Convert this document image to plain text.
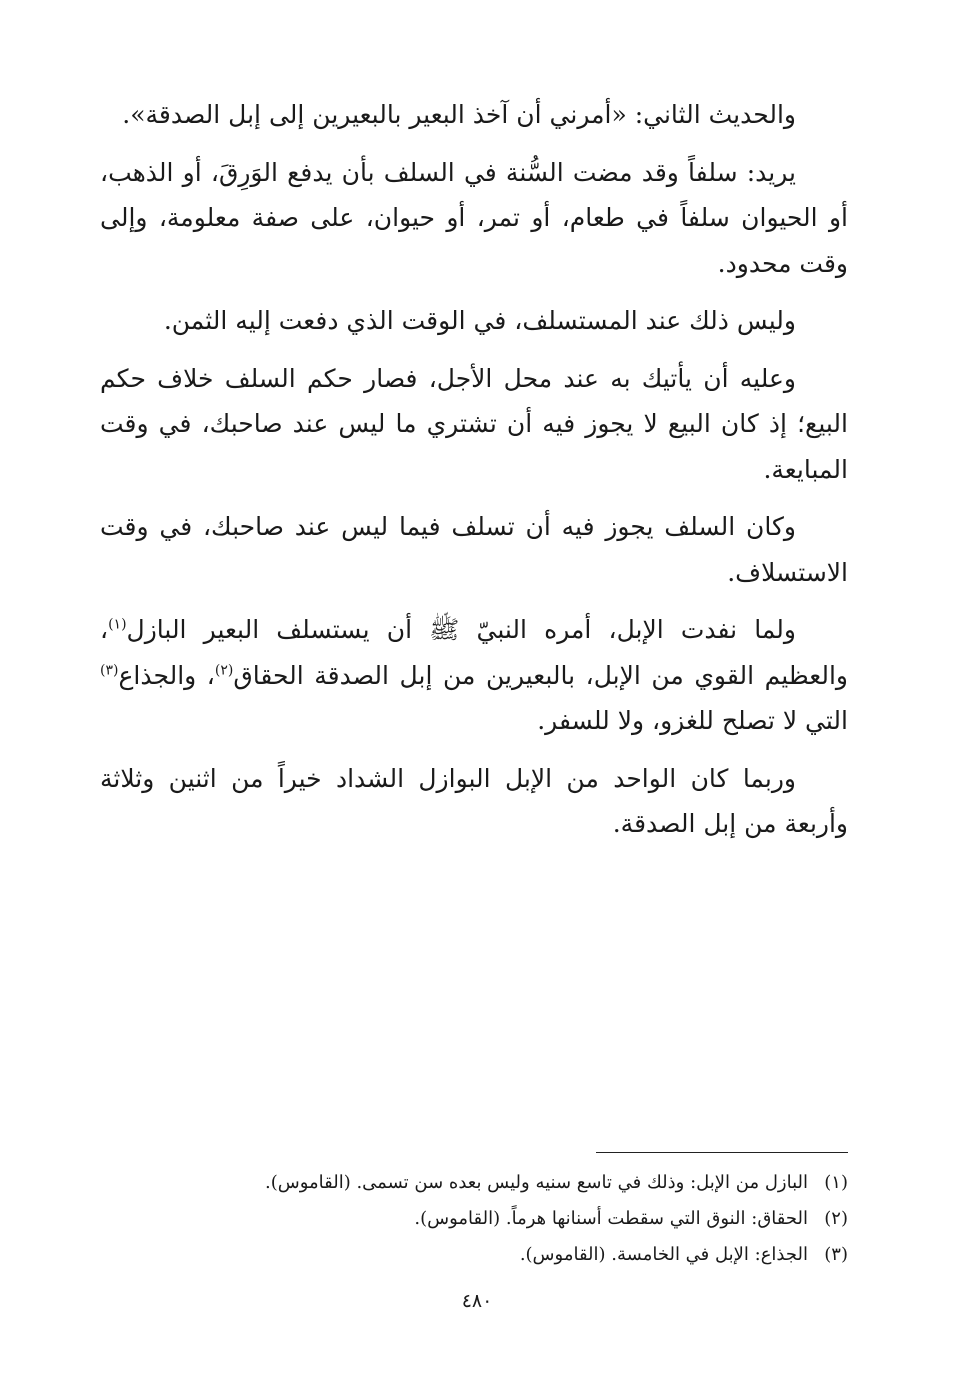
والحديث الثاني: «أمرني أن آخذ البعير بالبعيرين إلى إبل الصدقة».

يريد: سلفاً وقد مضت السُّنة في السلف بأن يدفع الوَرِقَ، أو الذهب، أو الحيوان سلفاً في طعام، أو تمر، أو حيوان، على صفة معلومة، وإلى وقت محدود.

وليس ذلك عند المستسلف، في الوقت الذي دفعت إليه الثمن.

وعليه أن يأتيك به عند محل الأجل، فصار حكم السلف خلاف حكم البيع؛ إذ كان البيع لا يجوز فيه أن تشتري ما ليس عند صاحبك، في وقت المبايعة.

وكان السلف يجوز فيه أن تسلف فيما ليس عند صاحبك، في وقت الاستسلاف.

ولما نفدت الإبل، أمره النبيّ ﷺ أن يستسلف البعير البازل$^{(١)}$، والعظيم القوي من الإبل، بالبعيرين من إبل الصدقة الحقاق$^{(٢)}$، والجذاع$^{(٣)}$ التي لا تصلح للغزو، ولا للسفر.

وربما كان الواحد من الإبل البوازل الشداد خيراً من اثنين وثلاثة وأربعة من إبل الصدقة.

(١)
البازل من الإبل: وذلك في تاسع سنيه وليس بعده سن تسمى. (القاموس).
(٢)
الحقاق: النوق التي سقطت أسنانها هرماً. (القاموس).
(٣)
الجذاع: الإبل في الخامسة. (القاموس).
٤٨٠
